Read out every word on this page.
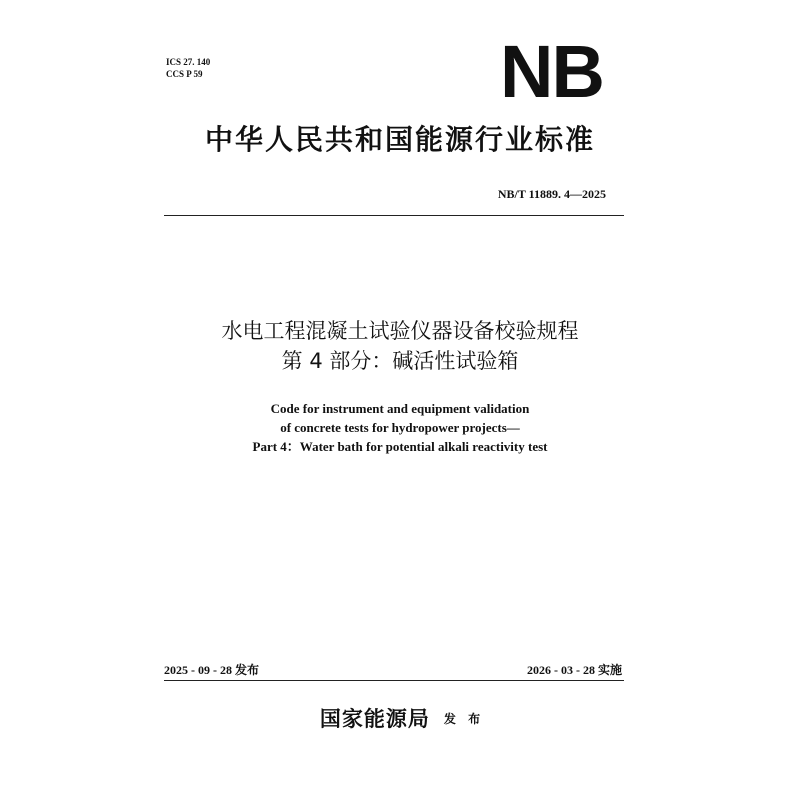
ICS 27. 140
CCS P 59	NB
中华人民共和国能源行业标准
NB/T 11889. 4—2025
水电工程混凝土试验仪器设备校验规程
第 4 部分：碱活性试验箱
Code for instrument and equipment validation
of concrete tests for hydropower projects—
Part 4：Water bath for potential alkali reactivity test
2025 - 09 - 28 发布	2026 - 03 - 28 实施
国家能源局 $^{发 布}$
